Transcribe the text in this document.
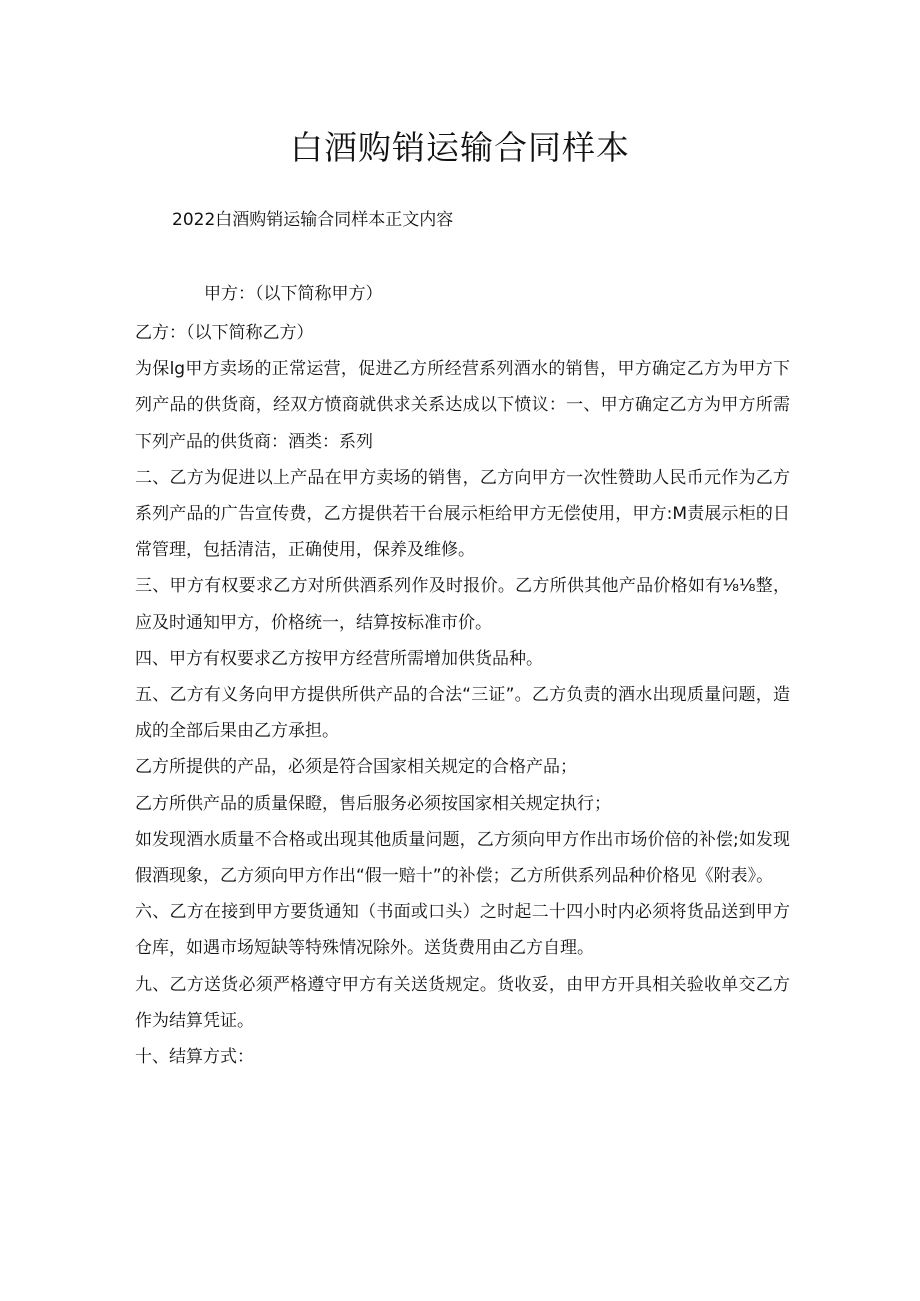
白酒购销运输合同样本

2022白酒购销运输合同样本正文内容

甲方：（以下简称甲方）

乙方：（以下简称乙方）

为保lg甲方卖场的正常运营，促进乙方所经营系列酒水的销售，甲方确定乙方为甲方下列产品的供货商，经双方愤商就供求关系达成以下愤议：一、甲方确定乙方为甲方所需下列产品的供货商：酒类：系列

二、乙方为促进以上产品在甲方卖场的销售，乙方向甲方一次性赞助人民币元作为乙方系列产品的广告宣传费，乙方提供若干台展示柜给甲方无偿使用，甲方:M责展示柜的日常管理，包括清洁，正确使用，保养及维修。

三、甲方有权要求乙方对所供酒系列作及时报价。乙方所供其他产品价格如有⅛⅛整，应及时通知甲方，价格统一，结算按标准市价。

四、甲方有权要求乙方按甲方经营所需增加供货品种。

五、乙方有义务向甲方提供所供产品的合法“三证”。乙方负责的酒水出现质量问题，造成的全部后果由乙方承担。

乙方所提供的产品，必须是符合国家相关规定的合格产品；

乙方所供产品的质量保瞪，售后服务必须按国家相关规定执行；

如发现酒水质量不合格或出现其他质量问题，乙方须向甲方作出市场价倍的补偿;如发现假酒现象，乙方须向甲方作出“假一赔十”的补偿；乙方所供系列品种价格见《附表》。

六、乙方在接到甲方要货通知（书面或口头）之时起二十四小时内必须将货品送到甲方仓库，如遇市场短缺等特殊情况除外。送货费用由乙方自理。

九、乙方送货必须严格遵守甲方有关送货规定。货收妥，由甲方开具相关验收单交乙方作为结算凭证。

十、结算方式：
